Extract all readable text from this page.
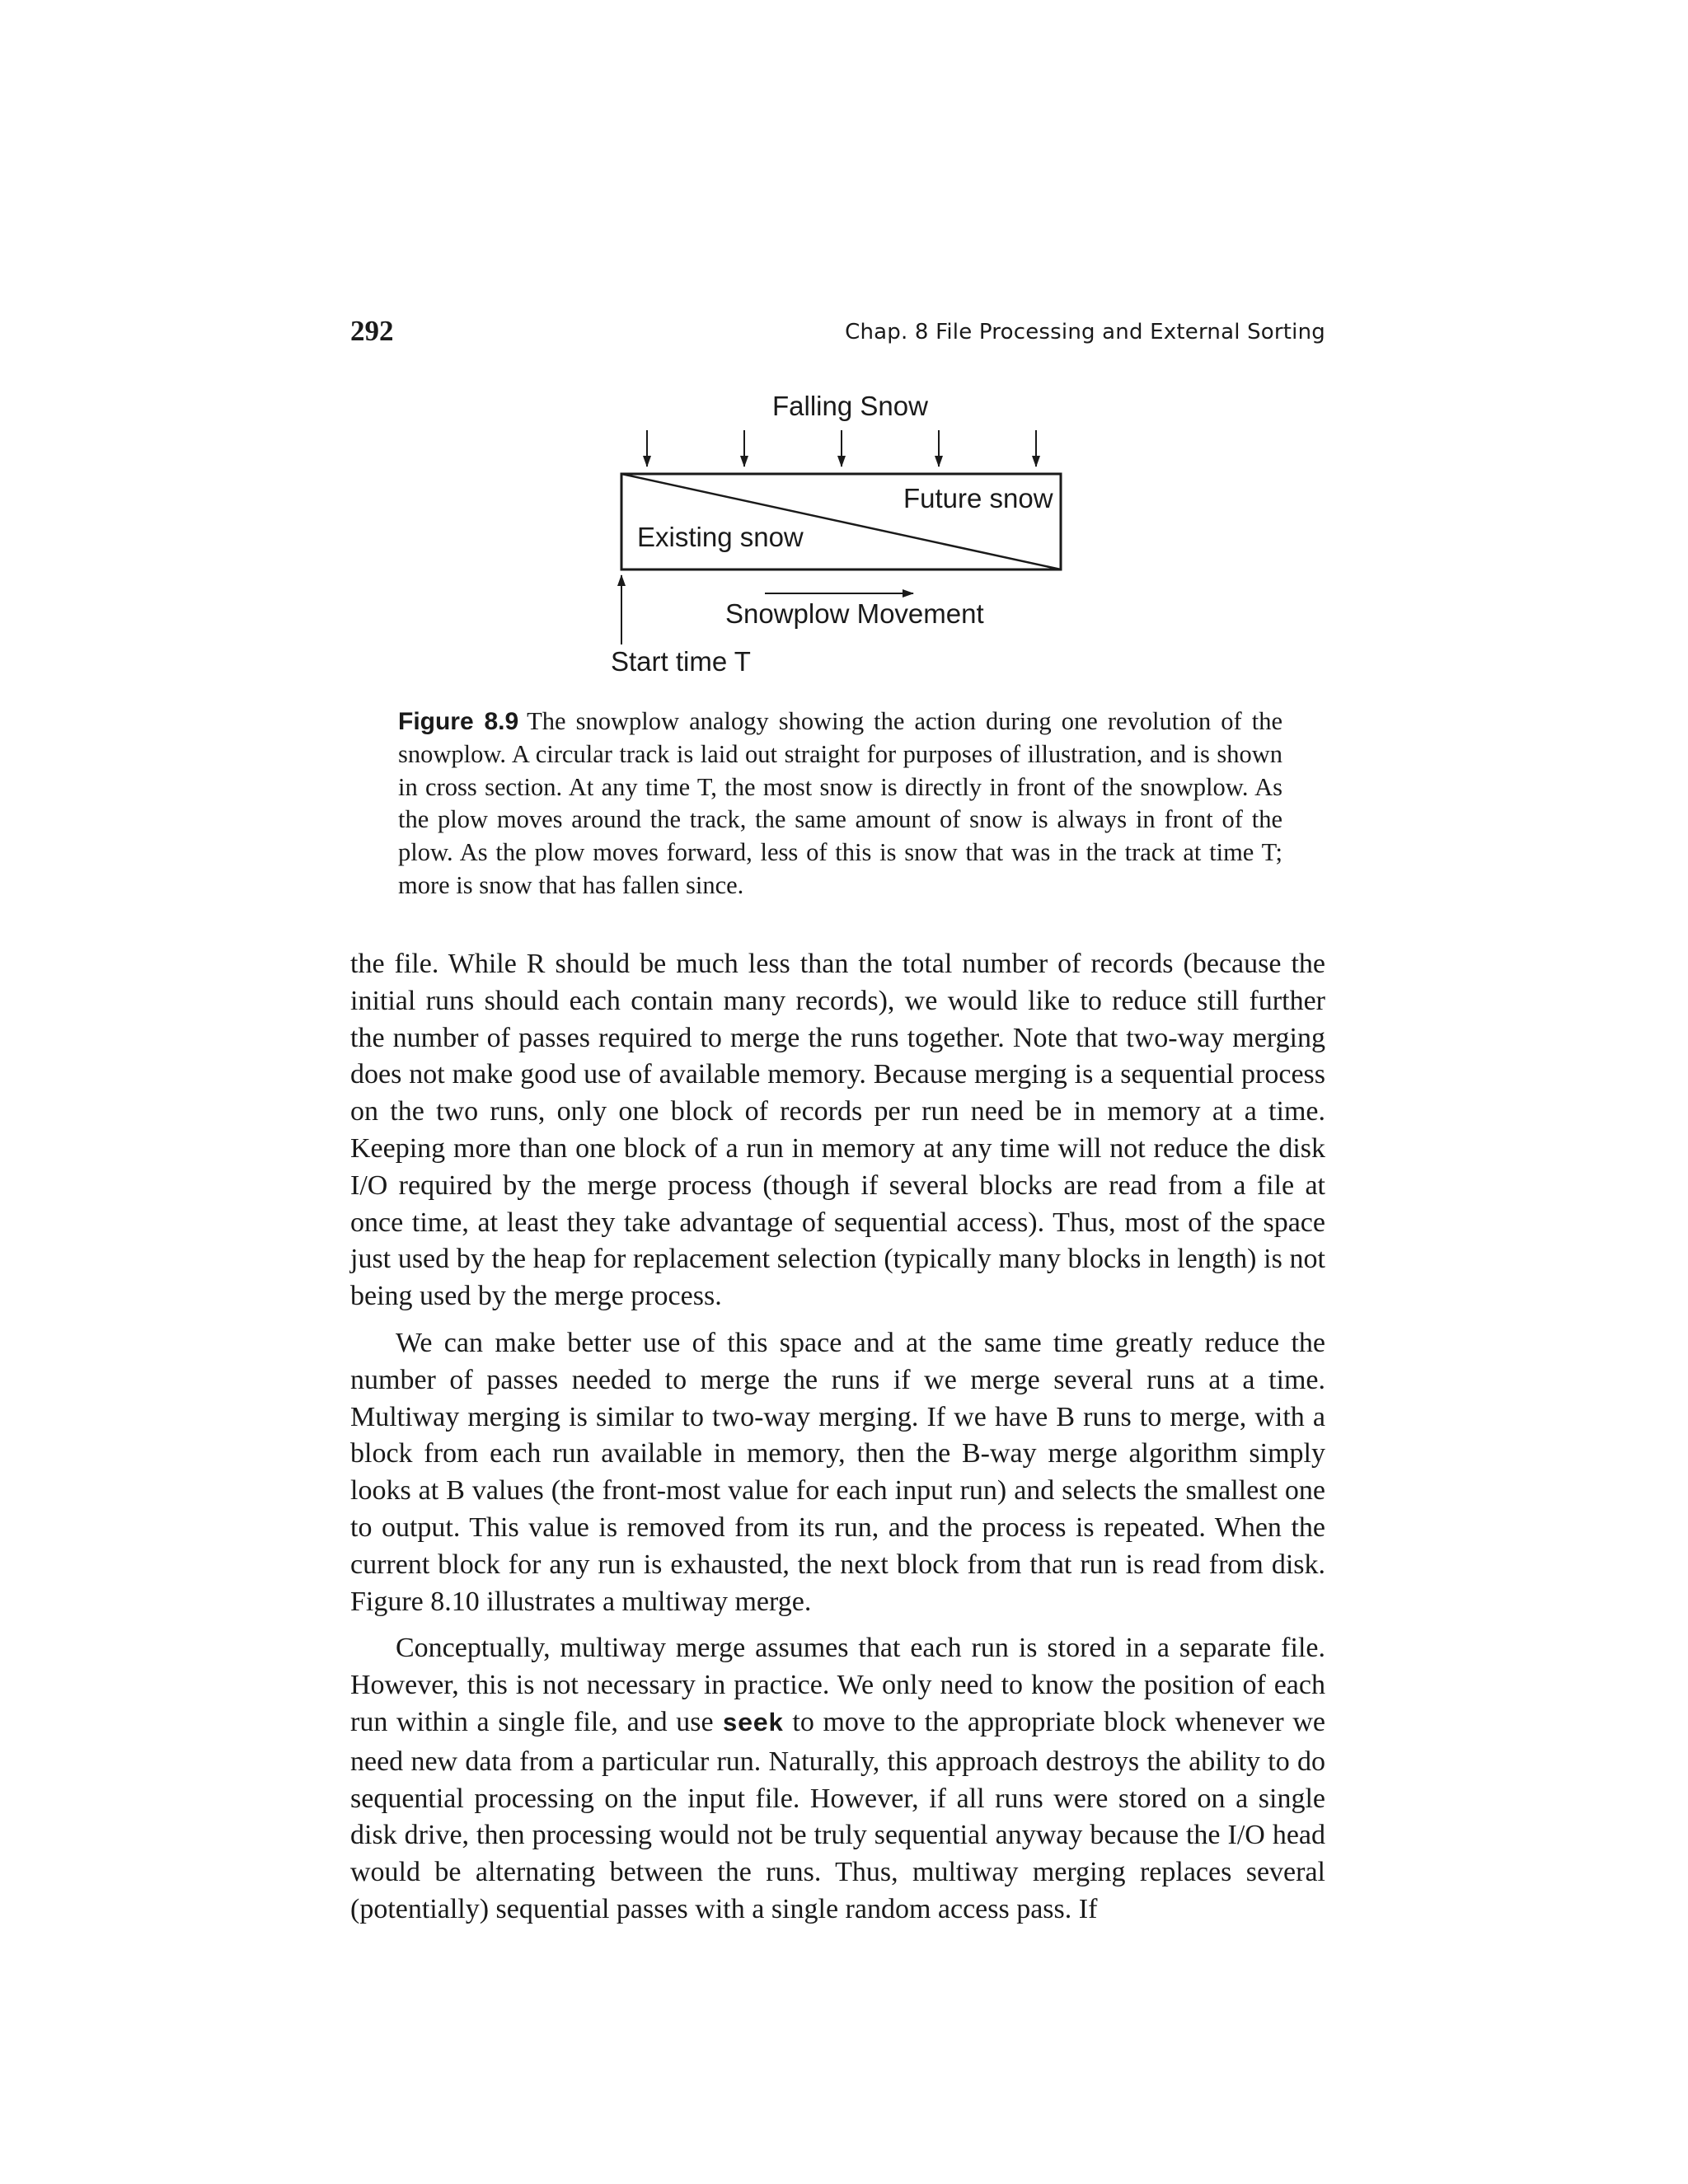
292	Chap. 8 File Processing and External Sorting
Falling Snow
Future snow
Existing snow
Snowplow Movement
Start time T

Figure 8.9 The snowplow analogy showing the action during one revolution of the snowplow. A circular track is laid out straight for purposes of illustration, and is shown in cross section. At any time T, the most snow is directly in front of the snowplow. As the plow moves around the track, the same amount of snow is always in front of the plow. As the plow moves forward, less of this is snow that was in the track at time T; more is snow that has fallen since.

the file. While R should be much less than the total number of records (because the initial runs should each contain many records), we would like to reduce still further the number of passes required to merge the runs together. Note that two-way merging does not make good use of available memory. Because merging is a sequential process on the two runs, only one block of records per run need be in memory at a time. Keeping more than one block of a run in memory at any time will not reduce the disk I/O required by the merge process (though if several blocks are read from a file at once time, at least they take advantage of sequential access). Thus, most of the space just used by the heap for replacement selection (typically many blocks in length) is not being used by the merge process.

We can make better use of this space and at the same time greatly reduce the number of passes needed to merge the runs if we merge several runs at a time. Multiway merging is similar to two-way merging. If we have B runs to merge, with a block from each run available in memory, then the B-way merge algorithm simply looks at B values (the front-most value for each input run) and selects the smallest one to output. This value is removed from its run, and the process is repeated. When the current block for any run is exhausted, the next block from that run is read from disk. Figure 8.10 illustrates a multiway merge.

Conceptually, multiway merge assumes that each run is stored in a separate file. However, this is not necessary in practice. We only need to know the position of each run within a single file, and use seek to move to the appropriate block whenever we need new data from a particular run. Naturally, this approach destroys the ability to do sequential processing on the input file. However, if all runs were stored on a single disk drive, then processing would not be truly sequential anyway because the I/O head would be alternating between the runs. Thus, multiway merging replaces several (potentially) sequential passes with a single random access pass. If
